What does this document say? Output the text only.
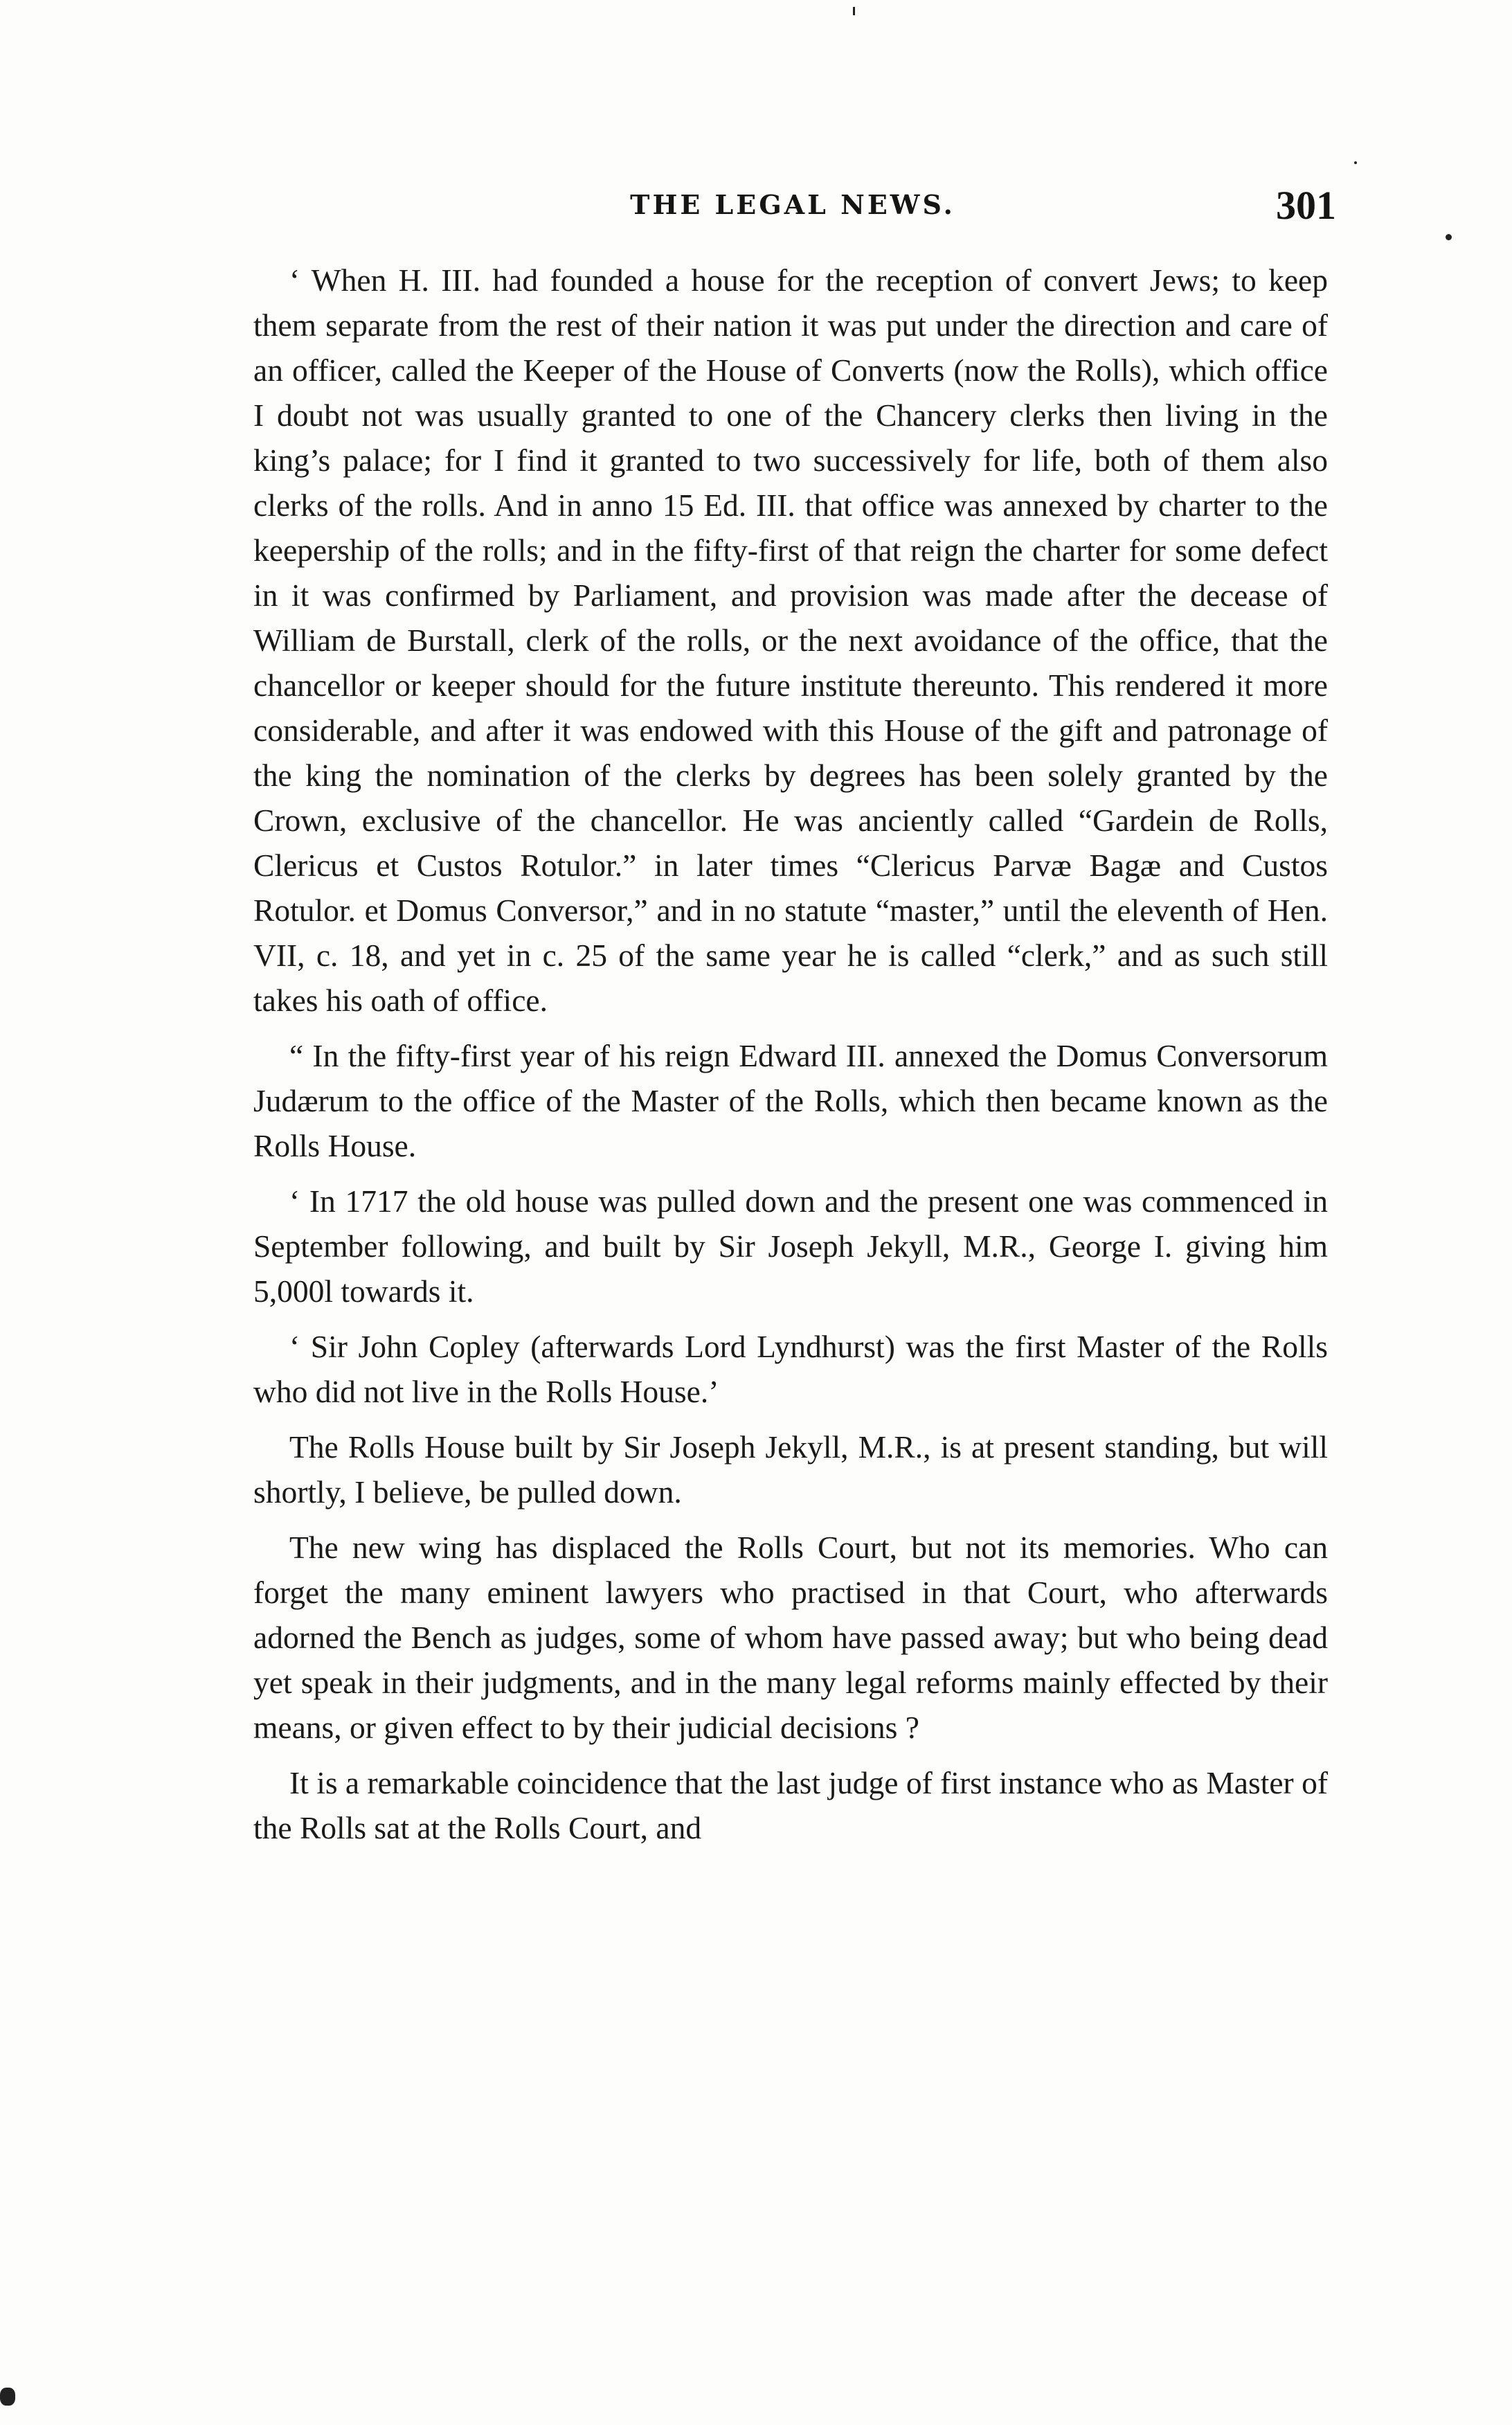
THE LEGAL NEWS.	301

‘ When H. III. had founded a house for the reception of convert Jews; to keep them separate from the rest of their nation it was put under the direction and care of an officer, called the Keeper of the House of Converts (now the Rolls), which office I doubt not was usually granted to one of the Chancery clerks then living in the king’s palace; for I find it granted to two successively for life, both of them also clerks of the rolls. And in anno 15 Ed. III. that office was annexed by charter to the keepership of the rolls; and in the fifty-first of that reign the charter for some defect in it was confirmed by Parliament, and provision was made after the decease of William de Burstall, clerk of the rolls, or the next avoidance of the office, that the chancellor or keeper should for the future institute thereunto. This rendered it more considerable, and after it was endowed with this House of the gift and patronage of the king the nomination of the clerks by degrees has been solely granted by the Crown, exclusive of the chancellor. He was anciently called “Gardein de Rolls, Clericus et Custos Rotulor.” in later times “Clericus Parvæ Bagæ and Custos Rotulor. et Domus Conversor,” and in no statute “master,” until the eleventh of Hen. VII, c. 18, and yet in c. 25 of the same year he is called “clerk,” and as such still takes his oath of office.

“ In the fifty-first year of his reign Edward III. annexed the Domus Conversorum Judærum to the office of the Master of the Rolls, which then became known as the Rolls House.

‘ In 1717 the old house was pulled down and the present one was commenced in September following, and built by Sir Joseph Jekyll, M.R., George I. giving him 5,000l towards it.

‘ Sir John Copley (afterwards Lord Lyndhurst) was the first Master of the Rolls who did not live in the Rolls House.’

The Rolls House built by Sir Joseph Jekyll, M.R., is at present standing, but will shortly, I believe, be pulled down.

The new wing has displaced the Rolls Court, but not its memories. Who can forget the many eminent lawyers who practised in that Court, who afterwards adorned the Bench as judges, some of whom have passed away; but who being dead yet speak in their judgments, and in the many legal reforms mainly effected by their means, or given effect to by their judicial decisions ?

It is a remarkable coincidence that the last judge of first instance who as Master of the Rolls sat at the Rolls Court, and
